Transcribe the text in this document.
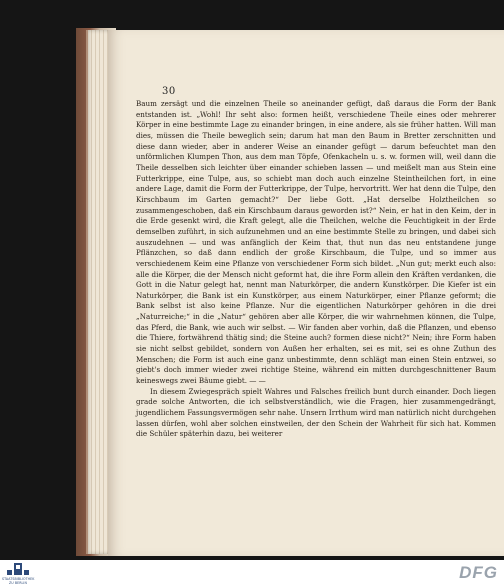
30

Baum zersägt und die einzelnen Theile so aneinander gefügt, daß daraus die Form der Bank entstanden ist. „Wohl! Ihr seht also: formen heißt, verschiedene Theile eines oder mehrerer Körper in eine bestimmte Lage zu einander bringen, in eine andere, als sie früher hatten. Will man dies, müssen die Theile beweglich sein; darum hat man den Baum in Bretter zerschnitten und diese dann wieder, aber in anderer Weise an einander gefügt — darum befeuchtet man den unförmlichen Klumpen Thon, aus dem man Töpfe, Ofenkacheln u. s. w. formen will, weil dann die Theile desselben sich leichter über einander schieben lassen — und meißelt man aus Stein eine Futterkrippe, eine Tulpe, aus, so schiebt man doch auch einzelne Steintheilchen fort, in eine andere Lage, damit die Form der Futterkrippe, der Tulpe, hervortritt. Wer hat denn die Tulpe, den Kirschbaum im Garten gemacht?“ Der liebe Gott. „Hat derselbe Holztheilchen so zusammengeschoben, daß ein Kirschbaum daraus geworden ist?“ Nein, er hat in den Keim, der in die Erde gesenkt wird, die Kraft gelegt, alle die Theilchen, welche die Feuchtigkeit in der Erde demselben zuführt, in sich aufzunehmen und an eine bestimmte Stelle zu bringen, und dabei sich auszudehnen — und was anfänglich der Keim that, thut nun das neu entstandene junge Pflänzchen, so daß dann endlich der große Kirschbaum, die Tulpe, und so immer aus verschiedenem Keim eine Pflanze von verschiedener Form sich bildet. „Nun gut; merkt euch also: alle die Körper, die der Mensch nicht geformt hat, die ihre Form allein den Kräften verdanken, die Gott in die Natur gelegt hat, nennt man Naturkörper, die andern Kunstkörper. Die Kiefer ist ein Naturkörper, die Bank ist ein Kunstkörper, aus einem Naturkörper, einer Pflanze geformt; die Bank selbst ist also keine Pflanze. Nur die eigentlichen Naturkörper gehören in die drei „Naturreiche;“ in die „Natur“ gehören aber alle Körper, die wir wahrnehmen können, die Tulpe, das Pferd, die Bank, wie auch wir selbst. — Wir fanden aber vorhin, daß die Pflanzen, und ebenso die Thiere, fortwährend thätig sind; die Steine auch? formen diese nicht?“ Nein; ihre Form haben sie nicht selbst gebildet, sondern von Außen her erhalten, sei es mit, sei es ohne Zuthun des Menschen; die Form ist auch eine ganz unbestimmte, denn schlägt man einen Stein entzwei, so giebt's doch immer wieder zwei richtige Steine, während ein mitten durchgeschnittener Baum keineswegs zwei Bäume giebt. — —

In diesem Zwiegespräch spielt Wahres und Falsches freilich bunt durch einander. Doch liegen grade solche Antworten, die ich selbstverständlich, wie die Fragen, hier zusammengedrängt, jugendlichem Fassungsvermögen sehr nahe. Unsern Irrthum wird man natürlich nicht durchgehen lassen dürfen, wohl aber solchen einstweilen, der den Schein der Wahrheit für sich hat. Kommen die Schüler späterhin dazu, bei weiterer

STAATSBIBLIOTHEK ZU BERLIN
DFG
